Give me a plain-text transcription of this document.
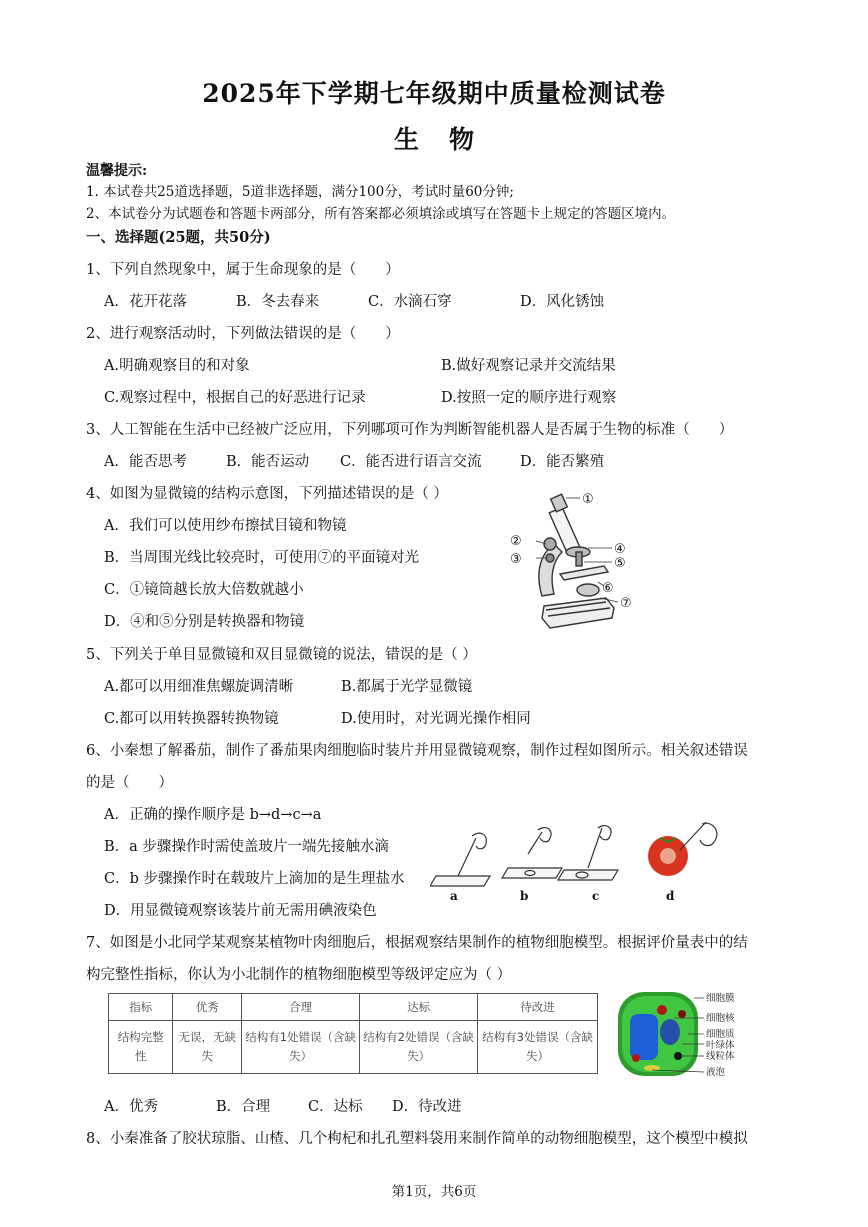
2025年下学期七年级期中质量检测试卷
生物
温馨提示:
1. 本试卷共25道选择题，5道非选择题，满分100分，考试时量60分钟;
2、本试卷分为试题卷和答题卡两部分，所有答案都必须填涂或填写在答题卡上规定的答题区境内。
一、选择题(25题，共50分)
1、下列自然现象中，属于生命现象的是（　　）
A．花开花落	B．冬去春来	C．水滴石穿	D．风化锈蚀
2、进行观察活动时，下列做法错误的是（　　）
A.明确观察目的和对象	B.做好观察记录并交流结果
C.观察过程中，根据自己的好恶进行记录	D.按照一定的顺序进行观察
3、人工智能在生活中已经被广泛应用，下列哪项可作为判断智能机器人是否属于生物的标准（　　）
A．能否思考	B．能否运动 C．能否进行语言交流	D．能否繁殖
4、如图为显微镜的结构示意图，下列描述错误的是（ ）
A．我们可以使用纱布擦拭目镜和物镜
B．当周围光线比较亮时，可使用⑦的平面镜对光
C．①镜筒越长放大倍数就越小
D．④和⑤分别是转换器和物镜
①
②
③
④
⑤
⑥
⑦
5、下列关于单目显微镜和双目显微镜的说法，错误的是（ ）
A.都可以用细准焦螺旋调清晰	B.都属于光学显微镜
C.都可以用转换器转换物镜	D.使用时，对光调光操作相同
6、小秦想了解番茄，制作了番茄果肉细胞临时装片并用显微镜观察，制作过程如图所示。相关叙述错误
的是（　　）
A．正确的操作顺序是 b→d→c→a
B．a 步骤操作时需使盖玻片一端先接触水滴
C．b 步骤操作时在载玻片上滴加的是生理盐水
D．用显微镜观察该装片前无需用碘液染色
a	b	c	d
7、如图是小北同学某观察某植物叶肉细胞后，根据观察结果制作的植物细胞模型。根据评价量表中的结
构完整性指标，你认为小北制作的植物细胞模型等级评定应为（ ）
指标	优秀	合理	达标	待改进
结构完整性	无误，无缺失	结构有1处错误（含缺失）	结构有2处错误（含缺失）	结构有3处错误（含缺失）
细胞膜
细胞核
细胞质
叶绿体
线粒体
液泡
A．优秀	B．合理	C．达标 D．待改进
8、小秦准备了胶状琼脂、山楂、几个枸杞和扎孔塑料袋用来制作简单的动物细胞模型，这个模型中模拟
第1页，共6页
